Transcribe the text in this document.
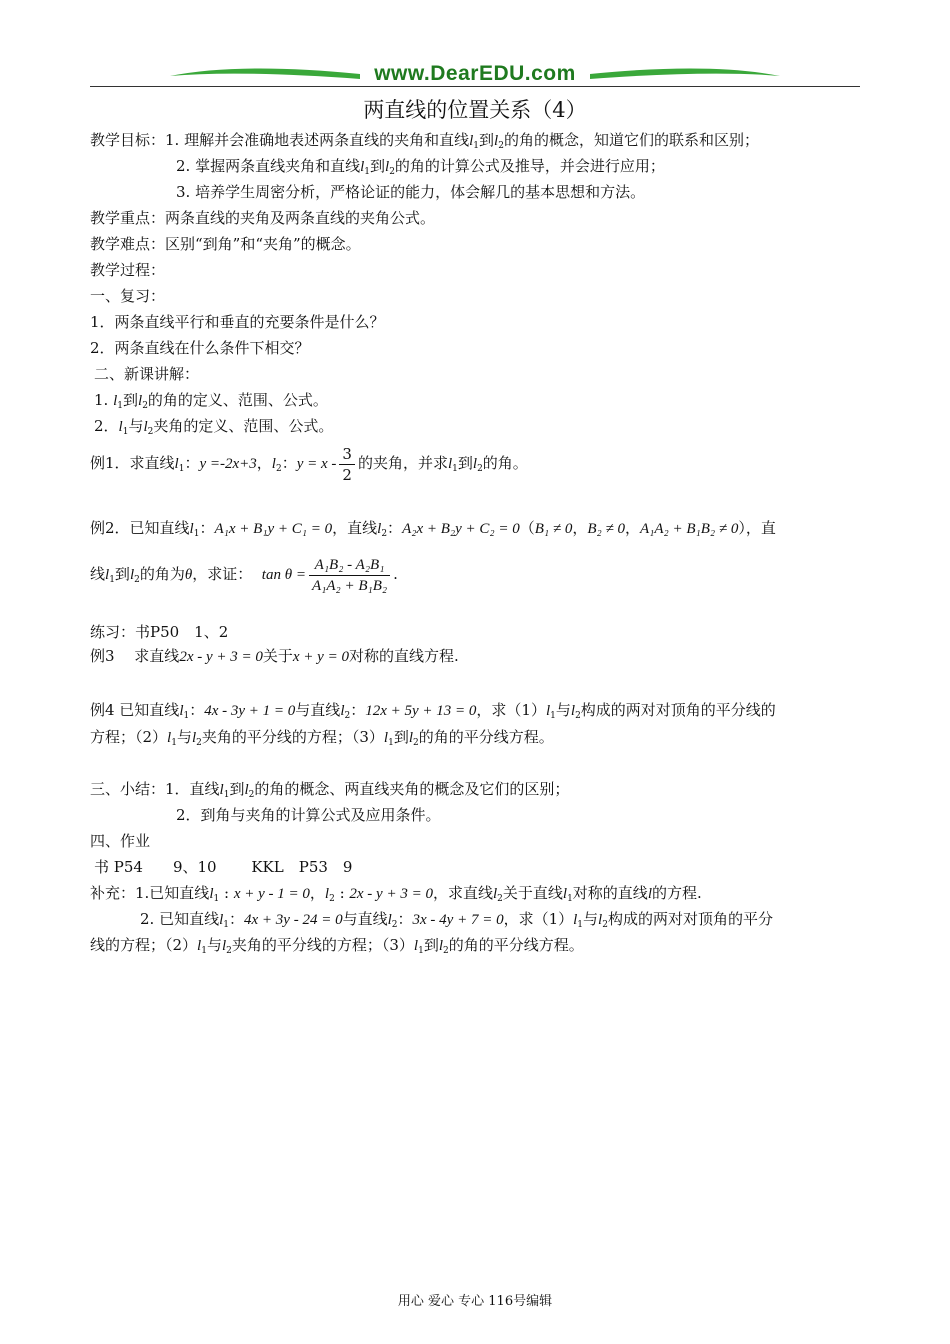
www.DearEDU.com
两直线的位置关系（4）
教学目标：1. 理解并会准确地表述两条直线的夹角和直线$l_1$到$l_2$的角的概念，知道它们的联系和区别；
2. 掌握两条直线夹角和直线$l_1$到$l_2$的角的计算公式及推导，并会进行应用；
3. 培养学生周密分析，严格论证的能力，体会解几的基本思想和方法。
教学重点：两条直线的夹角及两条直线的夹角公式。
教学难点：区别“到角”和“夹角”的概念。
教学过程：
一、复习：
1．两条直线平行和垂直的充要条件是什么？
2．两条直线在什么条件下相交？
二、新课讲解：
1. $l_1$到$l_2$的角的定义、范围、公式。
2．$l_1$与$l_2$夹角的定义、范围、公式。
例1．求直线$l_1$：y =-2x+3，$l_2$：$y = x - \frac{3}{2}$ 的夹角，并求$l_1$到$l_2$的角。
例2．已知直线$l_1$：A₁x + B₁y + C₁ = 0，直线$l_2$：A₂x + B₂y + C₂ = 0（B₁ ≠ 0，B₂ ≠ 0，A₁A₂ + B₁B₂ ≠ 0），直
线$l_1$到$l_2$的角为θ，求证： $\tan \theta = \frac{\text{A₁B₂ - A₂B₁}}{\text{A₁A₂ + B₁B₂}}$ .
练习：书P50　1、2
例3　 求直线2x - y + 3 = 0关于x + y = 0对称的直线方程.
例4 已知直线$l_1$：4x - 3y + 1 = 0与直线$l_2$：12x + 5y + 13 = 0，求$(1)l_1$与$l_2$构成的两对对顶角的平分线的
方程；$(2)l_1$与$l_2$夹角的平分线的方程；$(3)l_1$到$l_2$的角的平分线方程。
三、小结：1．直线$l_1$到$l_2$的角的概念、两直线夹角的概念及它们的区别；
2．到角与夹角的计算公式及应用条件。
四、作业
书 P54　　9、10　　 KKL　P53　9
补充：1.已知直线$l_1$ : x + y - 1 = 0，$l_2$ : 2x - y + 3 = 0，求直线$l_2$关于直线$l_1$对称的直线l的方程.
2. 已知直线$l_1$：4x + 3y - 24 = 0与直线$l_2$：3x - 4y + 7 = 0，求$(1)l_1$与$l_2$构成的两对对顶角的平分
线的方程；$(2)l_1$与$l_2$夹角的平分线的方程；$(3)l_1$到$l_2$的角的平分线方程。
用心 爱心 专心 116号编辑
